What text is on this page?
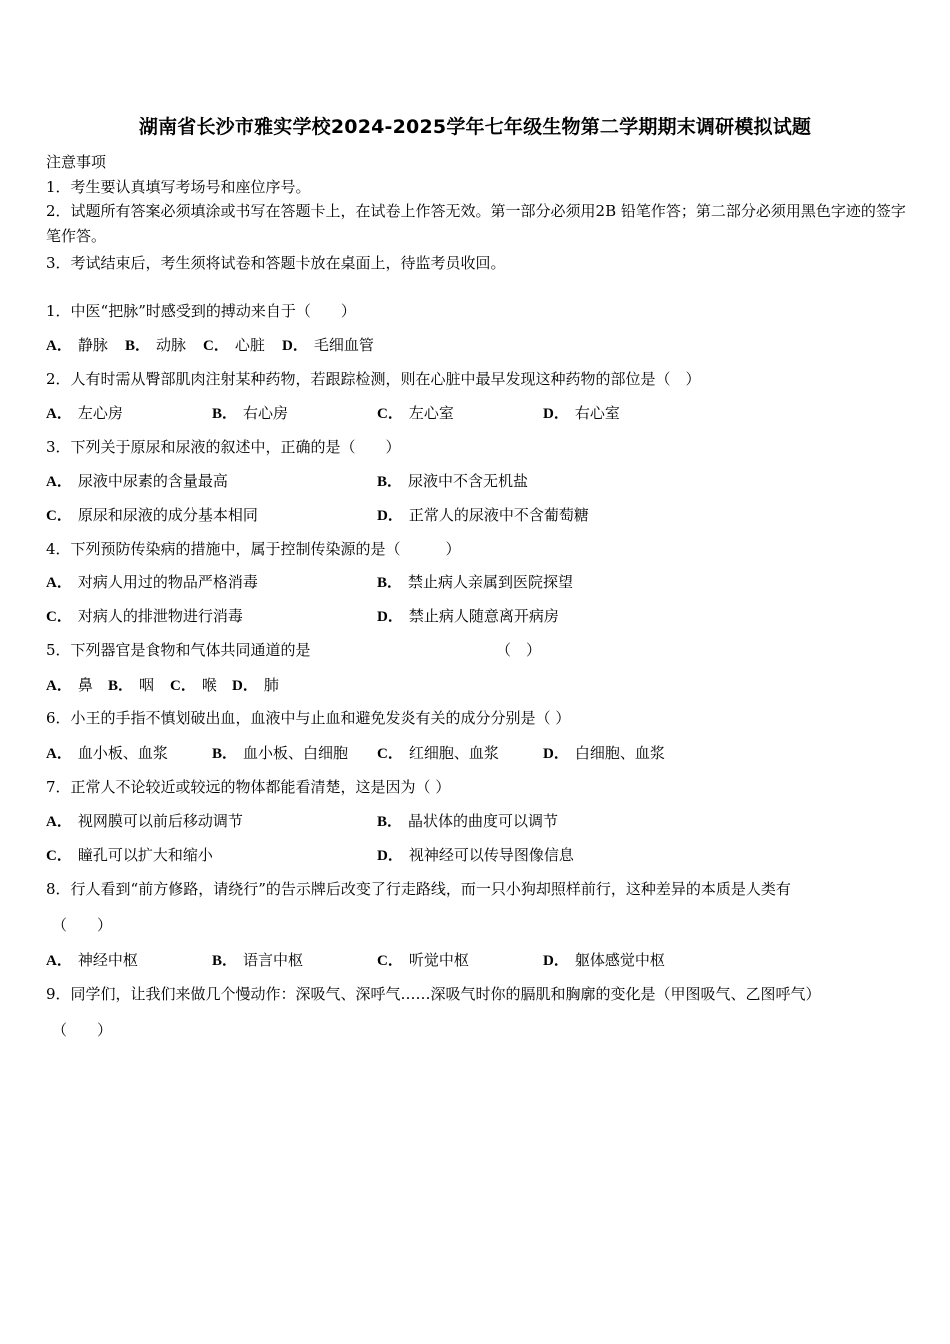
湖南省长沙市雅实学校2024-2025学年七年级生物第二学期期末调研模拟试题
注意事项
1．考生要认真填写考场号和座位序号。
2．试题所有答案必须填涂或书写在答题卡上，在试卷上作答无效。第一部分必须用2B 铅笔作答；第二部分必须用黑色字迹的签字笔作答。
3．考试结束后，考生须将试卷和答题卡放在桌面上，待监考员收回。
1．中医“把脉”时感受到的搏动来自于（　　）
A． 静脉 B． 动脉 C． 心脏 D． 毛细血管
2．人有时需从臀部肌肉注射某种药物，若跟踪检测，则在心脏中最早发现这种药物的部位是（　）
A． 左心房	B． 右心房	C． 左心室	D． 右心室
3．下列关于原尿和尿液的叙述中，正确的是（　　）
A． 尿液中尿素的含量最高	B． 尿液中不含无机盐
C． 原尿和尿液的成分基本相同	D． 正常人的尿液中不含葡萄糖
4．下列预防传染病的措施中，属于控制传染源的是（　　　）
A． 对病人用过的物品严格消毒	B． 禁止病人亲属到医院探望
C． 对病人的排泄物进行消毒	D． 禁止病人随意离开病房
5．下列器官是食物和气体共同通道的是	（　）
A． 鼻 B． 咽 C． 喉 D． 肺
6．小王的手指不慎划破出血，血液中与止血和避免发炎有关的成分分别是（ ）
A． 血小板、血浆	B． 血小板、白细胞 C． 红细胞、血浆	D． 白细胞、血浆
7．正常人不论较近或较远的物体都能看清楚，这是因为（ ）
A． 视网膜可以前后移动调节	B． 晶状体的曲度可以调节
C． 瞳孔可以扩大和缩小	D． 视神经可以传导图像信息
8．行人看到“前方修路，请绕行”的告示牌后改变了行走路线，而一只小狗却照样前行，这种差异的本质是人类有
（　　）
A． 神经中枢	B． 语言中枢	C． 听觉中枢	D． 躯体感觉中枢
9．同学们，让我们来做几个慢动作：深吸气、深呼气……深吸气时你的膈肌和胸廓的变化是（甲图吸气、乙图呼气）
（　　）
